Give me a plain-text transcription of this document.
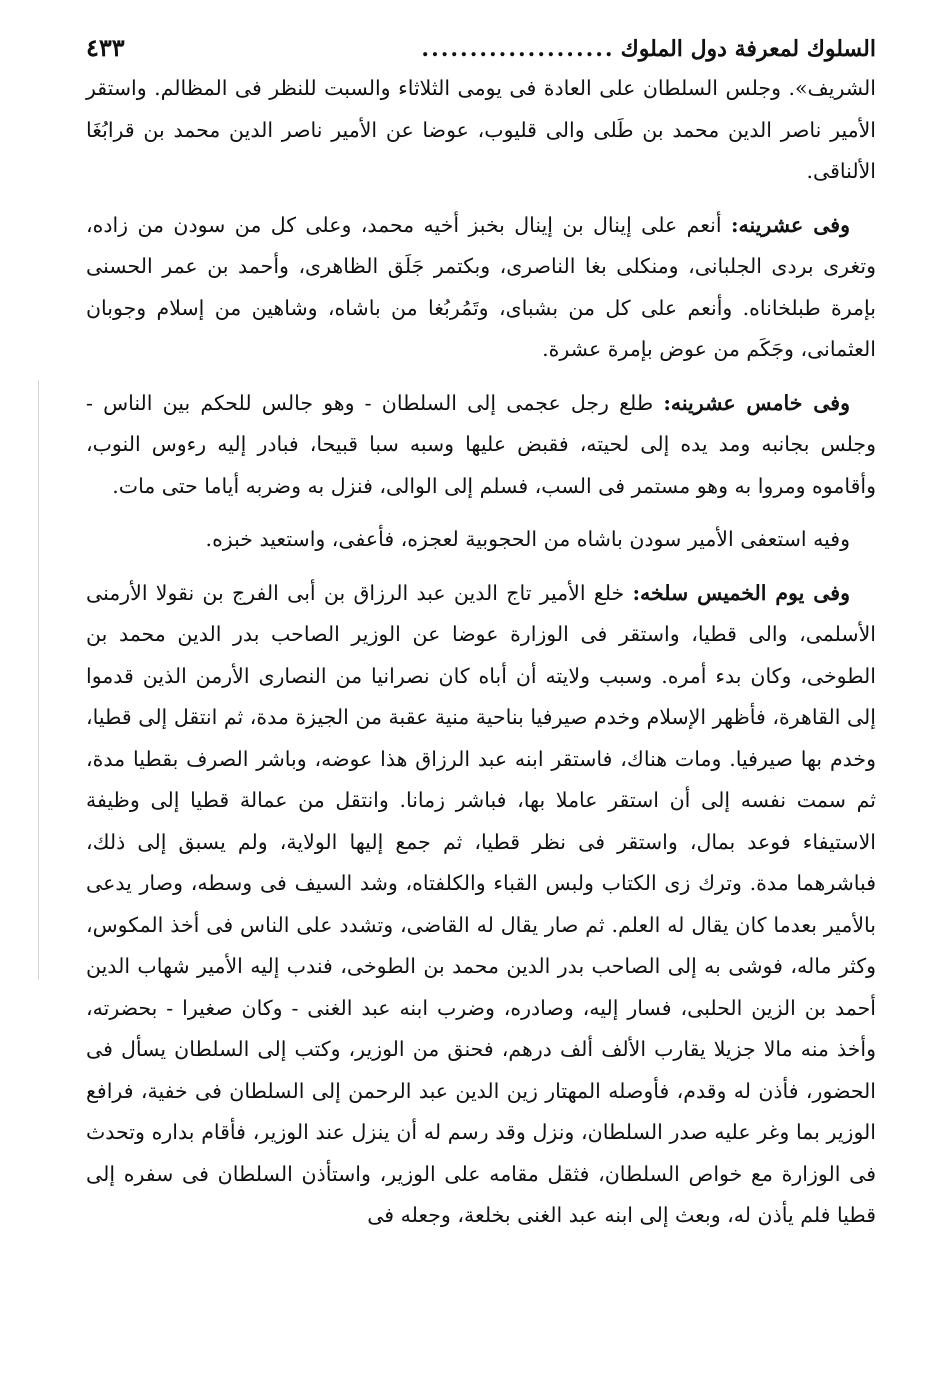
السلوك لمعرفة دول الملوك
....................
٤٣٣

الشريف». وجلس السلطان على العادة فى يومى الثلاثاء والسبت للنظر فى المظالم. واستقر الأمير ناصر الدين محمد بن طَلى والى قليوب، عوضا عن الأمير ناصر الدين محمد بن قرابُغَا الألناقى.

وفى عشرينه: أنعم على إينال بن إينال بخبز أخيه محمد، وعلى كل من سودن من زاده، وتغرى بردى الجلبانى، ومنكلى بغا الناصرى، وبكتمر جَلَق الظاهرى، وأحمد بن عمر الحسنى بإمرة طبلخاناه. وأنعم على كل من بشباى، وتَمُربُغا من باشاه، وشاهين من إسلام وجوبان العثمانى، وجَكَم من عوض بإمرة عشرة.

وفى خامس عشرينه: طلع رجل عجمى إلى السلطان - وهو جالس للحكم بين الناس - وجلس بجانبه ومد يده إلى لحيته، فقبض عليها وسبه سبا قبيحا، فبادر إليه رءوس النوب، وأقاموه ومروا به وهو مستمر فى السب، فسلم إلى الوالى، فنزل به وضربه أياما حتى مات.

وفيه استعفى الأمير سودن باشاه من الحجوبية لعجزه، فأعفى، واستعيد خبزه.

وفى يوم الخميس سلخه: خلع الأمير تاج الدين عبد الرزاق بن أبى الفرج بن نقولا الأرمنى الأسلمى، والى قطيا، واستقر فى الوزارة عوضا عن الوزير الصاحب بدر الدين محمد بن الطوخى، وكان بدء أمره. وسبب ولايته أن أباه كان نصرانيا من النصارى الأرمن الذين قدموا إلى القاهرة، فأظهر الإسلام وخدم صيرفيا بناحية منية عقبة من الجيزة مدة، ثم انتقل إلى قطيا، وخدم بها صيرفيا. ومات هناك، فاستقر ابنه عبد الرزاق هذا عوضه، وباشر الصرف بقطيا مدة، ثم سمت نفسه إلى أن استقر عاملا بها، فباشر زمانا. وانتقل من عمالة قطيا إلى وظيفة الاستيفاء فوعد بمال، واستقر فى نظر قطيا، ثم جمع إليها الولاية، ولم يسبق إلى ذلك، فباشرهما مدة. وترك زى الكتاب ولبس القباء والكلفتاه، وشد السيف فى وسطه، وصار يدعى بالأمير بعدما كان يقال له العلم. ثم صار يقال له القاضى، وتشدد على الناس فى أخذ المكوس، وكثر ماله، فوشى به إلى الصاحب بدر الدين محمد بن الطوخى، فندب إليه الأمير شهاب الدين أحمد بن الزين الحلبى، فسار إليه، وصادره، وضرب ابنه عبد الغنى - وكان صغيرا - بحضرته، وأخذ منه مالا جزيلا يقارب الألف ألف درهم، فحنق من الوزير، وكتب إلى السلطان يسأل فى الحضور، فأذن له وقدم، فأوصله المهتار زين الدين عبد الرحمن إلى السلطان فى خفية، فرافع الوزير بما وغر عليه صدر السلطان، ونزل وقد رسم له أن ينزل عند الوزير، فأقام بداره وتحدث فى الوزارة مع خواص السلطان، فثقل مقامه على الوزير، واستأذن السلطان فى سفره إلى قطيا فلم يأذن له، وبعث إلى ابنه عبد الغنى بخلعة، وجعله فى
